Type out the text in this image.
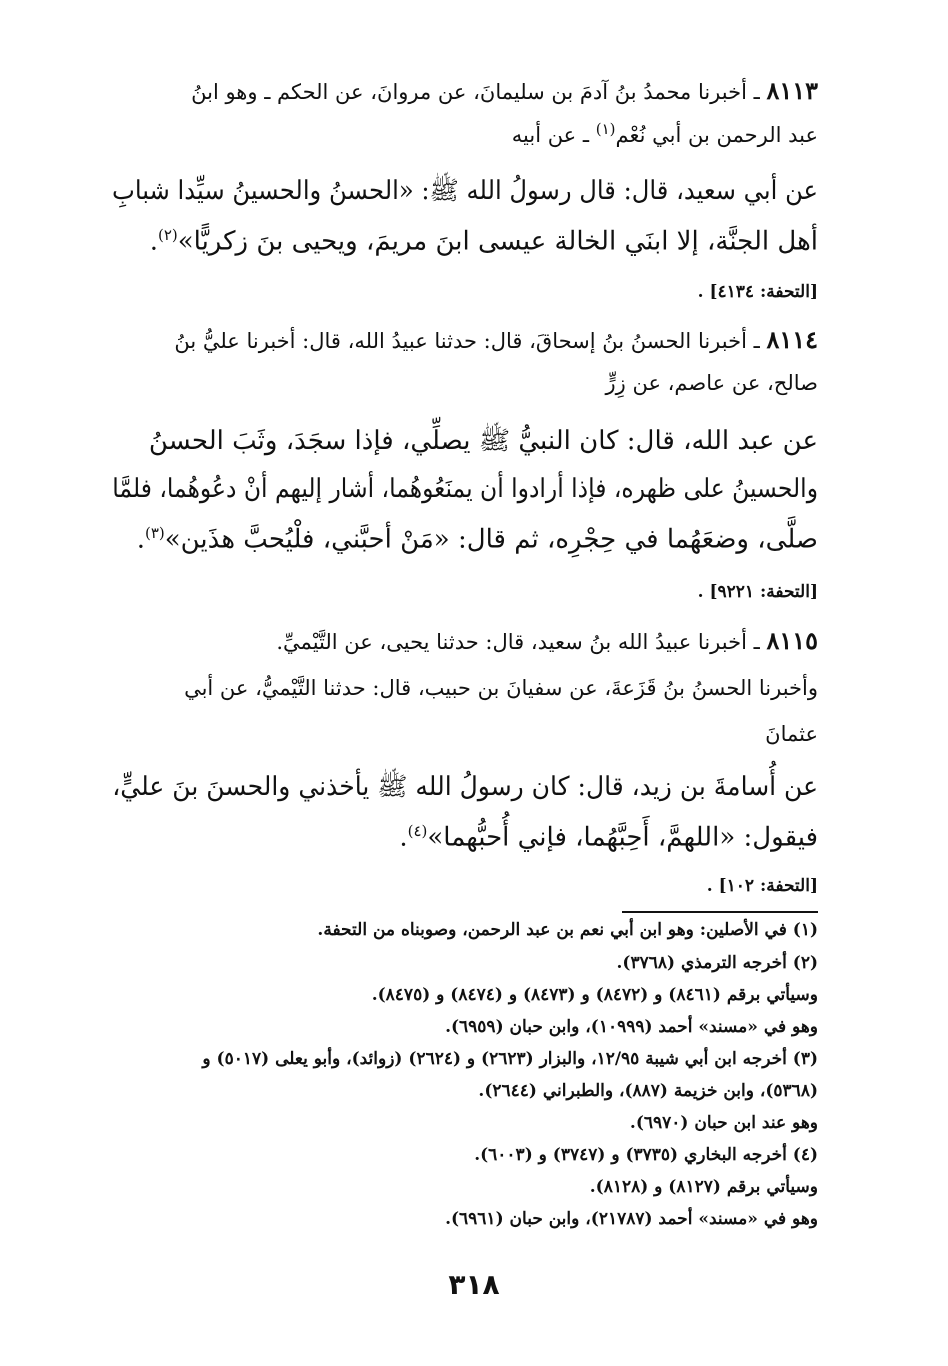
٨١١٣ ـ أخبرنا محمدُ بنُ آدمَ بن سليمانَ، عن مروانَ، عن الحكم ـ وهو ابنُ
عبد الرحمن بن أبي نُعْم$^{(١)}$ ـ عن أبيه
عن أبي سعيد، قال: قال رسولُ الله ﷺ: «الحسنُ والحسينُ سيِّدا شبابِ
أهل الجنَّة، إلا ابنَي الخالة عيسى ابنَ مريمَ، ويحيى بنَ زكريًّا»$^{(٢)}$.
[التحفة: ٤١٣٤] .
٨١١٤ ـ أخبرنا الحسنُ بنُ إسحاقَ، قال: حدثنا عبيدُ الله، قال: أخبرنا عليُّ بنُ
صالح، عن عاصم، عن زِرٍّ
عن عبد الله، قال: كان النبيُّ ﷺ يصلِّي، فإذا سجَدَ، وثَبَ الحسنُ
والحسينُ على ظهره، فإذا أرادوا أن يمنَعُوهُما، أشار إليهم أنْ دعُوهُما، فلمَّا
صلَّى، وضعَهُما في حِجْرِه، ثم قال: «مَنْ أحبَّني، فلْيُحبَّ هذَين»$^{(٣)}$.
[التحفة: ٩٢٢١] .
٨١١٥ ـ أخبرنا عبيدُ الله بنُ سعيد، قال: حدثنا يحيى، عن التَّيْميِّ.
وأخبرنا الحسنُ بنُ قَزَعةَ، عن سفيانَ بن حبيب، قال: حدثنا التَّيْميُّ، عن أبي
عثمانَ
عن أُسامةَ بن زيد، قال: كان رسولُ الله ﷺ يأخذني والحسنَ بنَ عليٍّ،
فيقول: «اللهمَّ، أَحِبَّهُما، فإني أُحبُّهما»$^{(٤)}$.
[التحفة: ١٠٢] .
(١) في الأصلين: وهو ابن أبي نعم بن عبد الرحمن، وصوبناه من التحفة.
(٢) أخرجه الترمذي (٣٧٦٨).
وسيأتي برقم (٨٤٦١) و (٨٤٧٢) و (٨٤٧٣) و (٨٤٧٤) و (٨٤٧٥).
وهو في «مسند» أحمد (١٠٩٩٩)، وابن حبان (٦٩٥٩).
(٣) أخرجه ابن أبي شيبة ١٢/٩٥، والبزار (٢٦٢٣) و (٢٦٢٤) (زوائد)، وأبو يعلى (٥٠١٧) و
(٥٣٦٨)، وابن خزيمة (٨٨٧)، والطبراني (٢٦٤٤).
وهو عند ابن حبان (٦٩٧٠).
(٤) أخرجه البخاري (٣٧٣٥) و (٣٧٤٧) و (٦٠٠٣).
وسيأتي برقم (٨١٢٧) و (٨١٢٨).
وهو في «مسند» أحمد (٢١٧٨٧)، وابن حبان (٦٩٦١).
٣١٨
